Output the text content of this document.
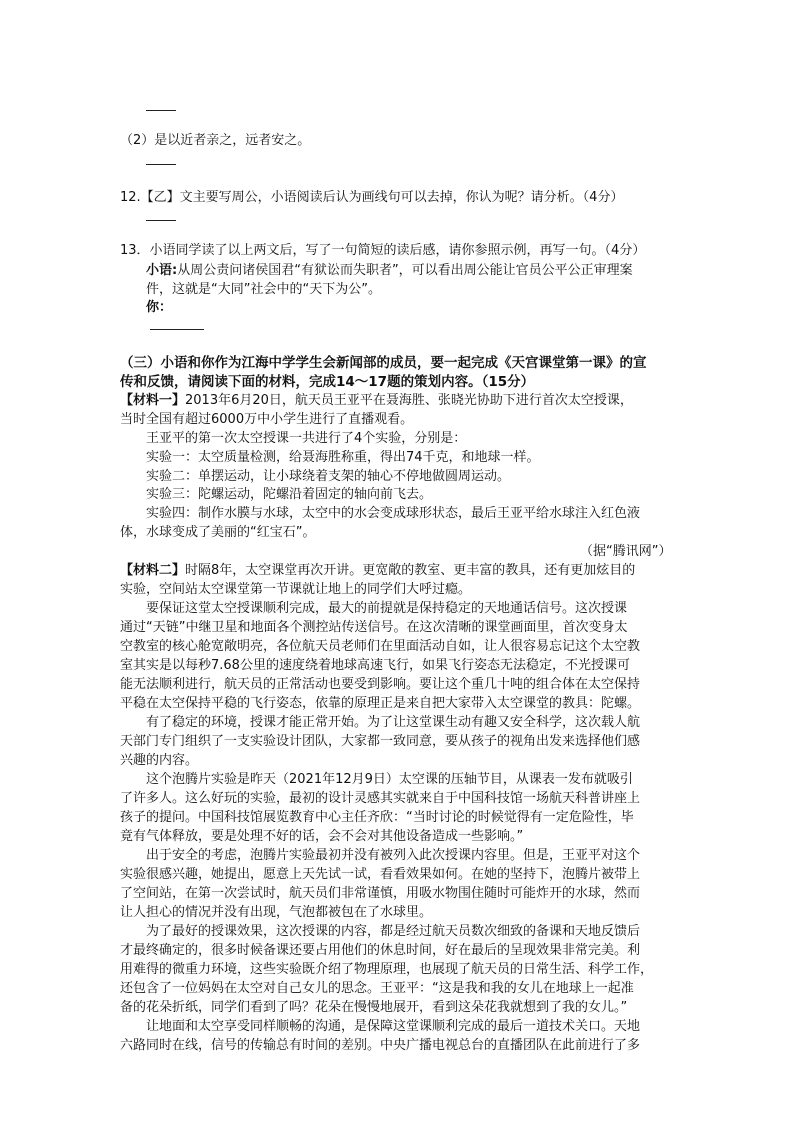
（2）是以近者亲之，远者安之。
12.【乙】文主要写周公，小语阅读后认为画线句可以去掉，你认为呢？请分析。（4分）
13．小语同学读了以上两文后，写了一句简短的读后感，请你参照示例，再写一句。（4分）
小语:从周公责问诸侯国君“有狱讼而失职者”，可以看出周公能让官员公平公正审理案
件，这就是“大同”社会中的“天下为公”。
你：
（三）小语和你作为江海中学学生会新闻部的成员，要一起完成《天宫课堂第一课》的宣
传和反馈，请阅读下面的材料，完成14～17题的策划内容。（15分）
【材料一】2013年6月20日，航天员王亚平在聂海胜、张晓光协助下进行首次太空授课，
当时全国有超过6000万中小学生进行了直播观看。
王亚平的第一次太空授课一共进行了4个实验，分别是：
实验一：太空质量检测，给聂海胜称重，得出74千克，和地球一样。
实验二：单摆运动，让小球绕着支架的轴心不停地做圆周运动。
实验三：陀螺运动，陀螺沿着固定的轴向前飞去。
实验四：制作水膜与水球，太空中的水会变成球形状态，最后王亚平给水球注入红色液
体，水球变成了美丽的“红宝石”。
（据“腾讯网”）
【材料二】时隔8年，太空课堂再次开讲。更宽敞的教室、更丰富的教具，还有更加炫目的
实验，空间站太空课堂第一节课就让地上的同学们大呼过瘾。
要保证这堂太空授课顺利完成，最大的前提就是保持稳定的天地通话信号。这次授课
通过“天链”中继卫星和地面各个测控站传送信号。在这次清晰的课堂画面里，首次变身太
空教室的核心舱宽敞明亮，各位航天员老师们在里面活动自如，让人很容易忘记这个太空教
室其实是以每秒7.68公里的速度绕着地球高速飞行，如果飞行姿态无法稳定，不光授课可
能无法顺利进行，航天员的正常活动也要受到影响。要让这个重几十吨的组合体在太空保持
平稳在太空保持平稳的飞行姿态，依靠的原理正是来自把大家带入太空课堂的教具：陀螺。
有了稳定的环境，授课才能正常开始。为了让这堂课生动有趣又安全科学，这次载人航
天部门专门组织了一支实验设计团队，大家都一致同意，要从孩子的视角出发来选择他们感
兴趣的内容。
这个泡腾片实验是昨天（2021年12月9日）太空课的压轴节目，从课表一发布就吸引
了许多人。这么好玩的实验，最初的设计灵感其实就来自于中国科技馆一场航天科普讲座上
孩子的提问。中国科技馆展览教育中心主任齐欣：“当时讨论的时候觉得有一定危险性，毕
竟有气体释放，要是处理不好的话，会不会对其他设备造成一些影响。”
出于安全的考虑，泡腾片实验最初并没有被列入此次授课内容里。但是，王亚平对这个
实验很感兴趣，她提出，愿意上天先试一试，看看效果如何。在她的坚持下，泡腾片被带上
了空间站，在第一次尝试时，航天员们非常谨慎，用吸水物围住随时可能炸开的水球，然而
让人担心的情况并没有出现，气泡都被包在了水球里。
为了最好的授课效果，这次授课的内容，都是经过航天员数次细致的备课和天地反馈后
才最终确定的，很多时候备课还要占用他们的休息时间，好在最后的呈现效果非常完美。利
用难得的微重力环境，这些实验既介绍了物理原理，也展现了航天员的日常生活、科学工作，
还包含了一位妈妈在太空对自己女儿的思念。王亚平：“这是我和我的女儿在地球上一起准
备的花朵折纸，同学们看到了吗？花朵在慢慢地展开，看到这朵花我就想到了我的女儿。”
让地面和太空享受同样顺畅的沟通，是保障这堂课顺利完成的最后一道技术关口。天地
六路同时在线，信号的传输总有时间的差别。中央广播电视总台的直播团队在此前进行了多
